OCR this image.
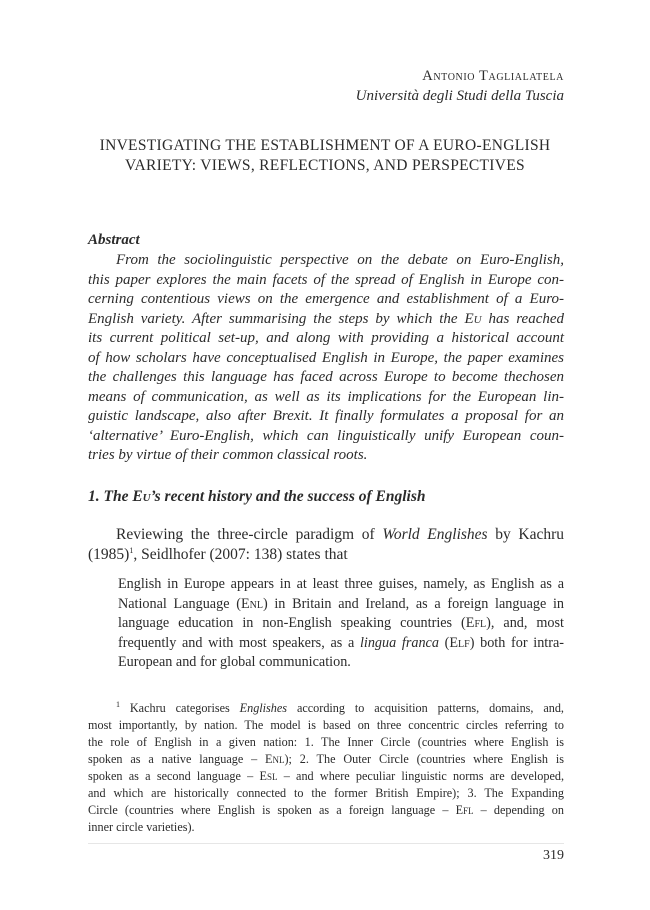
Antonio Taglialatela
Università degli Studi della Tuscia
INVESTIGATING THE ESTABLISHMENT OF A EURO-ENGLISH
VARIETY: VIEWS, REFLECTIONS, AND PERSPECTIVES
Abstract
From the sociolinguistic perspective on the debate on Euro-English,
this paper explores the main facets of the spread of English in Europe con-
cerning contentious views on the emergence and establishment of a Euro-
English variety. After summarising the steps by which the Eu has reached
its current political set-up, and along with providing a historical account
of how scholars have conceptualised English in Europe, the paper examines
the challenges this language has faced across Europe to become thechosen
means of communication, as well as its implications for the European lin-
guistic landscape, also after Brexit. It finally formulates a proposal for an
‘alternative’ Euro-English, which can linguistically unify European coun-
tries by virtue of their common classical roots.
1. The Eu’s recent history and the success of English
Reviewing the three-circle paradigm of World Englishes by Kachru
$(1985)^1$, Seidlhofer (2007: 138) states that
English in Europe appears in at least three guises, namely, as English as a
National Language (Enl) in Britain and Ireland, as a foreign language in
language education in non-English speaking countries (Efl), and, most
frequently and with most speakers, as a lingua franca (Elf) both for intra-
European and for global communication.
$^1$ Kachru categorises Englishes according to acquisition patterns, domains, and,
most importantly, by nation. The model is based on three concentric circles referring to
the role of English in a given nation: 1. The Inner Circle (countries where English is
spoken as a native language – Enl); 2. The Outer Circle (countries where English is
spoken as a second language – Esl – and where peculiar linguistic norms are developed,
and which are historically connected to the former British Empire); 3. The Expanding
Circle (countries where English is spoken as a foreign language – Efl – depending on
inner circle varieties).
319
